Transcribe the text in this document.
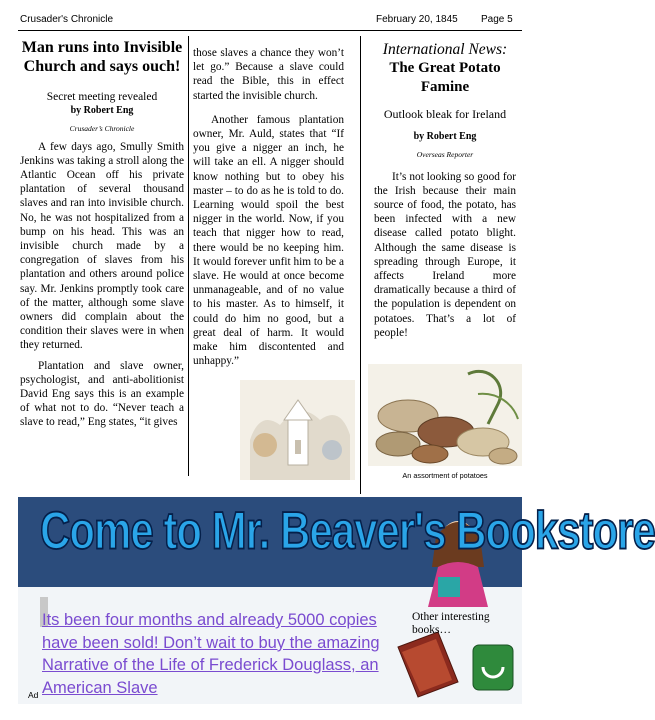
Crusader's Chronicle	February 20, 1845 Page 5

Man runs into Invisible Church and says ouch!

Secret meeting revealed

by Robert Eng

Crusader’s Chronicle

A few days ago, Smully Smith Jenkins was taking a stroll along the Atlantic Ocean off his private plantation of several thousand slaves and ran into invisible church. No, he was not hospitalized from a bump on his head. This was an invisible church made by a congregation of slaves from his plantation and others around police say. Mr. Jenkins promptly took care of the matter, although some slave owners did complain about the condition their slaves were in when they returned.

Plantation and slave owner, psychologist, and anti-abolitionist David Eng says this is an example of what not to do. “Never teach a slave to read,” Eng states, “it gives

those slaves a chance they won’t let go.” Because a slave could read the Bible, this in effect started the invisible church.

Another famous plantation owner, Mr. Auld, states that “If you give a nigger an inch, he will take an ell. A nigger should know nothing but to obey his master – to do as he is told to do. Learning would spoil the best nigger in the world. Now, if you teach that nigger how to read, there would be no keeping him. It would forever unfit him to be a slave. He would at once become unmanageable, and of no value to his master. As to himself, it could do him no good, but a great deal of harm. It would make him discontented and unhappy.”

International News:

The Great Potato Famine

Outlook bleak for Ireland

by Robert Eng

Overseas Reporter

It’s not looking so good for the Irish because their main source of food, the potato, has been infected with a new disease called potato blight. Although the same disease is spreading through Europe, it affects Ireland more dramatically because a third of the population is dependent on potatoes. That’s a lot of people!

An assortment of potatoes
Come to Mr. Beaver's Bookstore
Its been four months and already 5000 copies have been sold! Don’t wait to buy the amazing Narrative of the Life of Frederick Douglass, an American Slave
Other interesting books…
Ad
